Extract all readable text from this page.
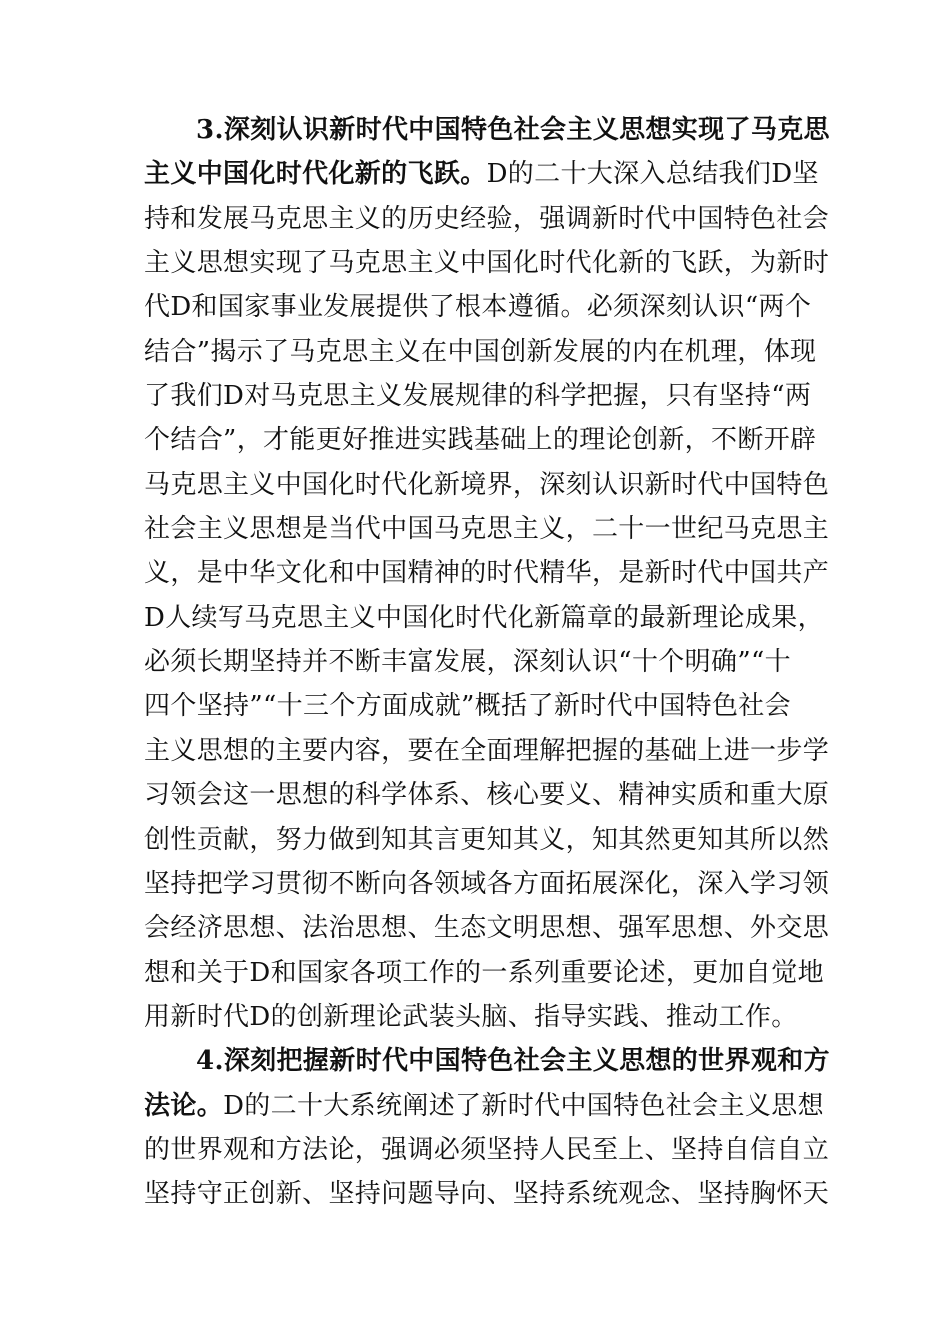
3.深刻认识新时代中国特色社会主义思想实现了马克思
主义中国化时代化新的飞跃。D的二十大深入总结我们D坚
持和发展马克思主义的历史经验，强调新时代中国特色社会
主义思想实现了马克思主义中国化时代化新的飞跃，为新时
代D和国家事业发展提供了根本遵循。必须深刻认识“两个
结合”揭示了马克思主义在中国创新发展的内在机理，体现
了我们D对马克思主义发展规律的科学把握，只有坚持“两
个结合”，才能更好推进实践基础上的理论创新，不断开辟
马克思主义中国化时代化新境界，深刻认识新时代中国特色
社会主义思想是当代中国马克思主义，二十一世纪马克思主
义，是中华文化和中国精神的时代精华，是新时代中国共产
D人续写马克思主义中国化时代化新篇章的最新理论成果，
必须长期坚持并不断丰富发展，深刻认识“十个明确”“十
四个坚持”“十三个方面成就”概括了新时代中国特色社会
主义思想的主要内容，要在全面理解把握的基础上进一步学
习领会这一思想的科学体系、核心要义、精神实质和重大原
创性贡献，努力做到知其言更知其义，知其然更知其所以然
坚持把学习贯彻不断向各领域各方面拓展深化，深入学习领
会经济思想、法治思想、生态文明思想、强军思想、外交思
想和关于D和国家各项工作的一系列重要论述，更加自觉地
用新时代D的创新理论武装头脑、指导实践、推动工作。
4.深刻把握新时代中国特色社会主义思想的世界观和方
法论。D的二十大系统阐述了新时代中国特色社会主义思想
的世界观和方法论，强调必须坚持人民至上、坚持自信自立
坚持守正创新、坚持问题导向、坚持系统观念、坚持胸怀天
